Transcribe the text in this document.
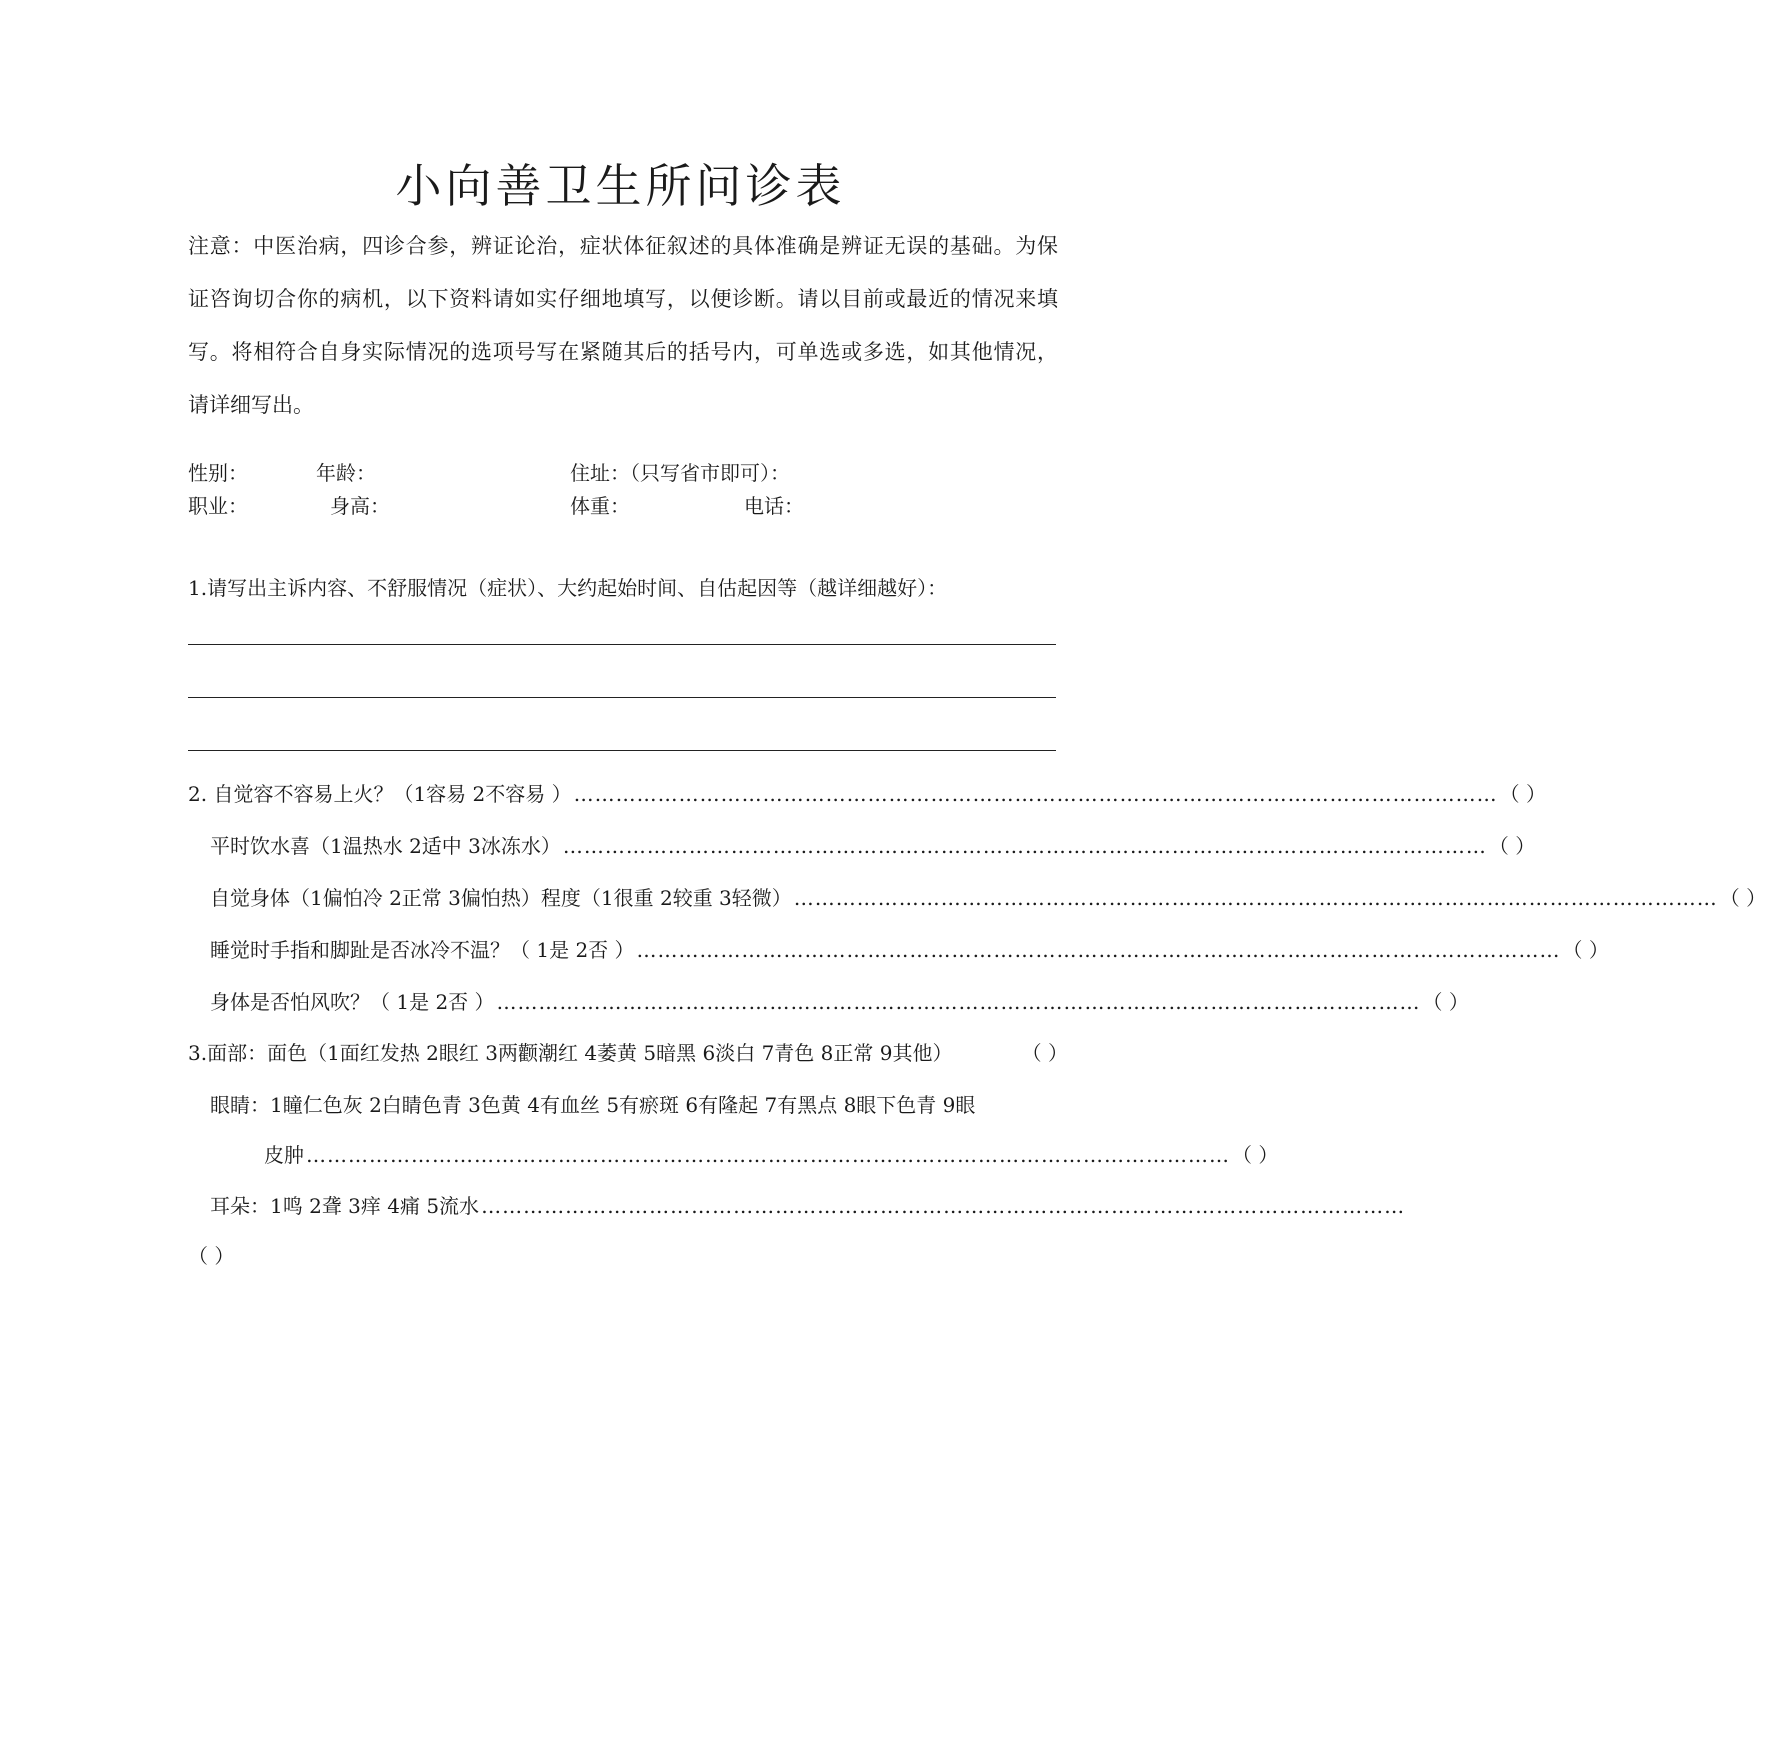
小向善卫生所问诊表
注意：中医治病，四诊合参，辨证论治，症状体征叙述的具体准确是辨证无误的基础。为保
证咨询切合你的病机，以下资料请如实仔细地填写，以便诊断。请以目前或最近的情况来填
写。将相符合自身实际情况的选项号写在紧随其后的括号内，可单选或多选，如其他情况，
请详细写出。
性别：	年龄：	住址：（只写省市即可）：
职业：	身高：	体重：	电话：
1.请写出主诉内容、不舒服情况（症状）、大约起始时间、自估起因等（越详细越好）：
2. 自觉容不容易上火？（1容易 2不容易 ） …………………………………………………………………………………………………………………… （ ）
平时饮水喜（1温热水 2适中 3冰冻水） …………………………………………………………………………………………………………………… （ ）
自觉身体（1偏怕冷 2正常 3偏怕热）程度（1很重 2较重 3轻微） …………………………………………………………………………………………………………………… （ ）
睡觉时手指和脚趾是否冰冷不温？（ 1是 2否 ） …………………………………………………………………………………………………………………… （ ）
身体是否怕风吹？（ 1是 2否 ） …………………………………………………………………………………………………………………… （ ）
3.面部：面色（1面红发热 2眼红 3两颧潮红 4萎黄 5暗黑 6淡白 7青色 8正常 9其他）	（ ）
眼睛：1瞳仁色灰 2白睛色青 3色黄 4有血丝 5有瘀斑 6有隆起 7有黑点 8眼下色青 9眼
皮肿 …………………………………………………………………………………………………………………… （ ）
耳朵：1鸣 2聋 3痒 4痛 5流水 ……………………………………………………………………………………………………………………
（ ）
